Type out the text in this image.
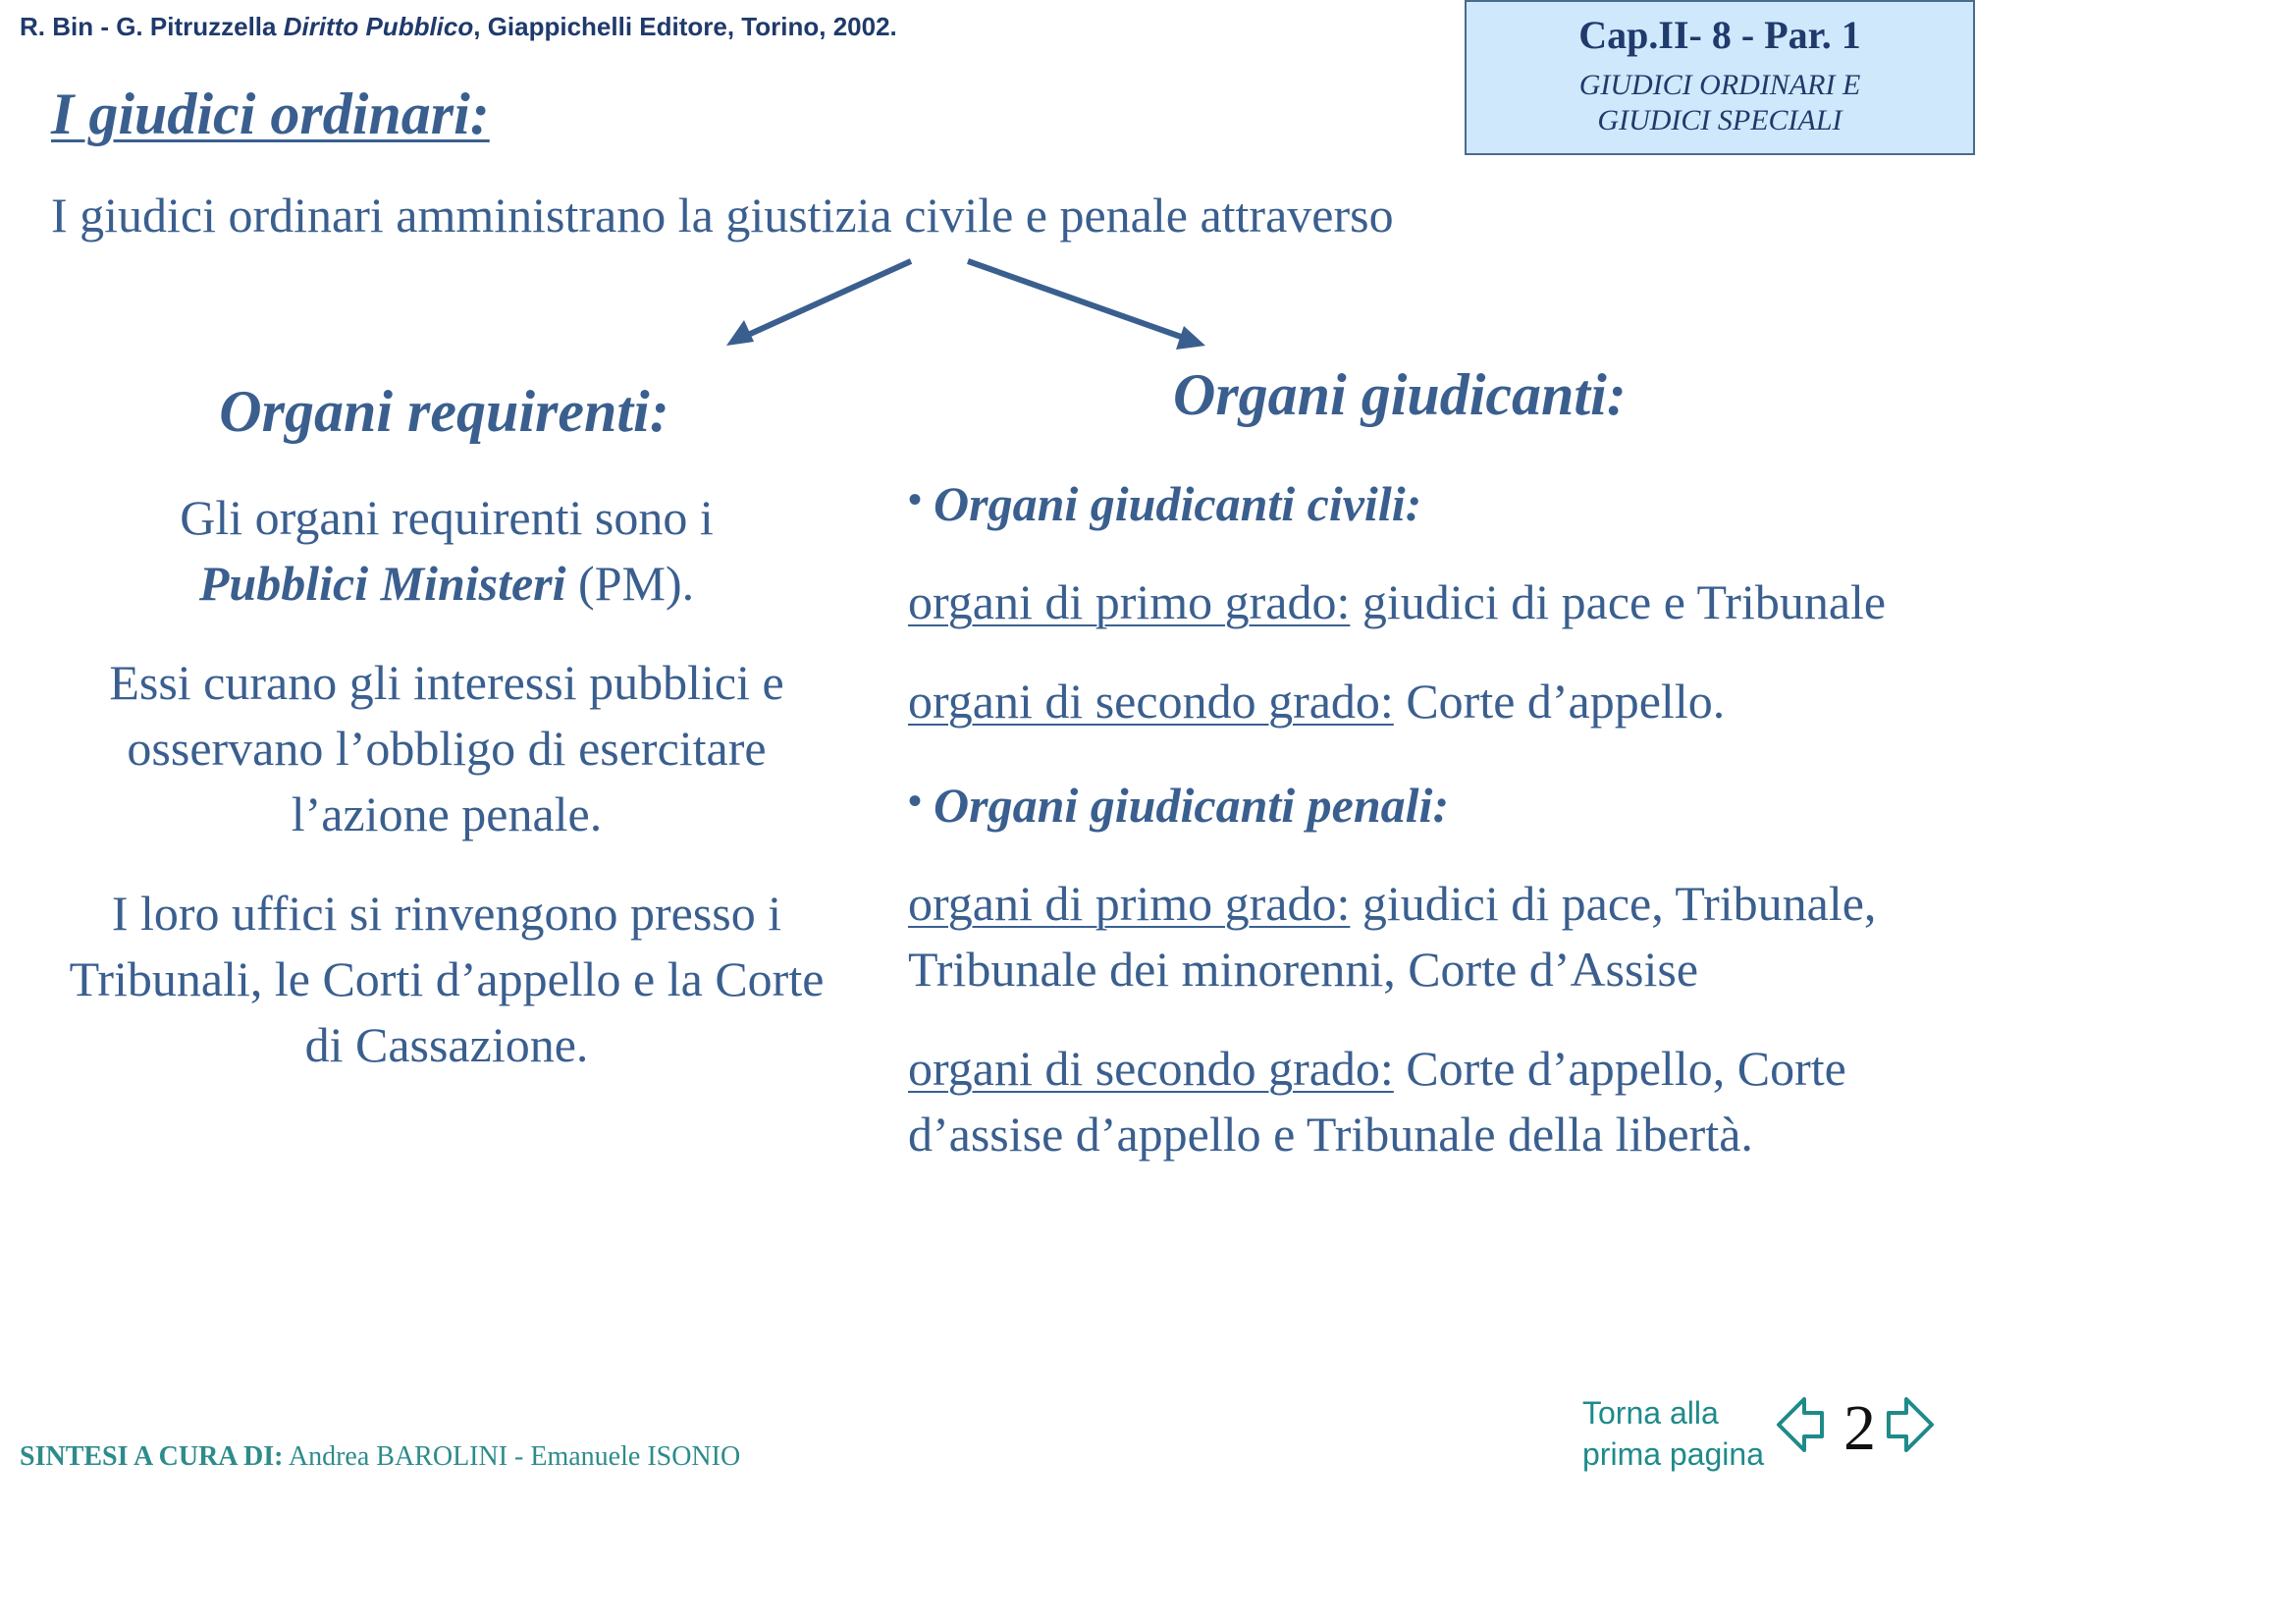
R. Bin - G. Pitruzzella Diritto Pubblico, Giappichelli Editore, Torino, 2002.	Cap.II- 8 - Par. 1
GIUDICI ORDINARI E
GIUDICI SPECIALI
I giudici ordinari:
I giudici ordinari amministrano la giustizia civile e penale attraverso
Organi requirenti:

Gli organi requirenti sono i
Pubblici Ministeri (PM).

Essi curano gli interessi pubblici e osservano l’obbligo di esercitare l’azione penale.

I loro uffici si rinvengono presso i Tribunali, le Corti d’appello e la Corte di Cassazione.

Organi giudicanti:
• Organi giudicanti civili:

organi di primo grado: giudici di pace e Tribunale

organi di secondo grado: Corte d’appello.

• Organi giudicanti penali:

organi di primo grado: giudici di pace, Tribunale, Tribunale dei minorenni, Corte d’Assise

organi di secondo grado: Corte d’appello, Corte d’assise d’appello e Tribunale della libertà.

SINTESI A CURA DI: Andrea BAROLINI - Emanuele ISONIO
Torna alla
prima pagina 2
